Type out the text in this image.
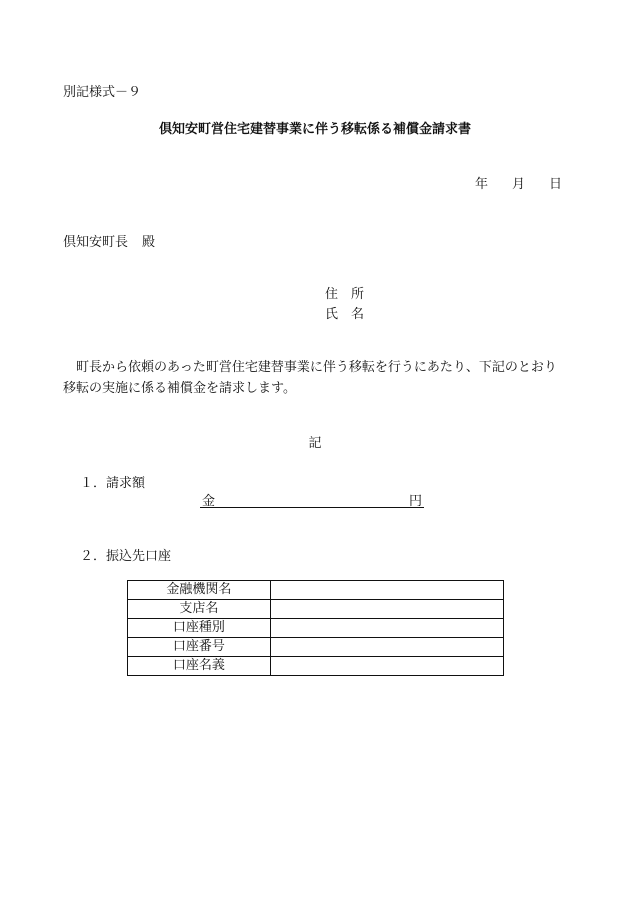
別記様式－９
倶知安町営住宅建替事業に伴う移転係る補償金請求書
年 月 日
倶知安町長 殿
住 所
氏 名
町長から依頼のあった町営住宅建替事業に伴う移転を行うにあたり、下記のとおり移転の実施に係る補償金を請求します。
記
１．請求額
金	円
２．振込先口座
金融機関名	
支店名	
口座種別	
口座番号	
口座名義	
